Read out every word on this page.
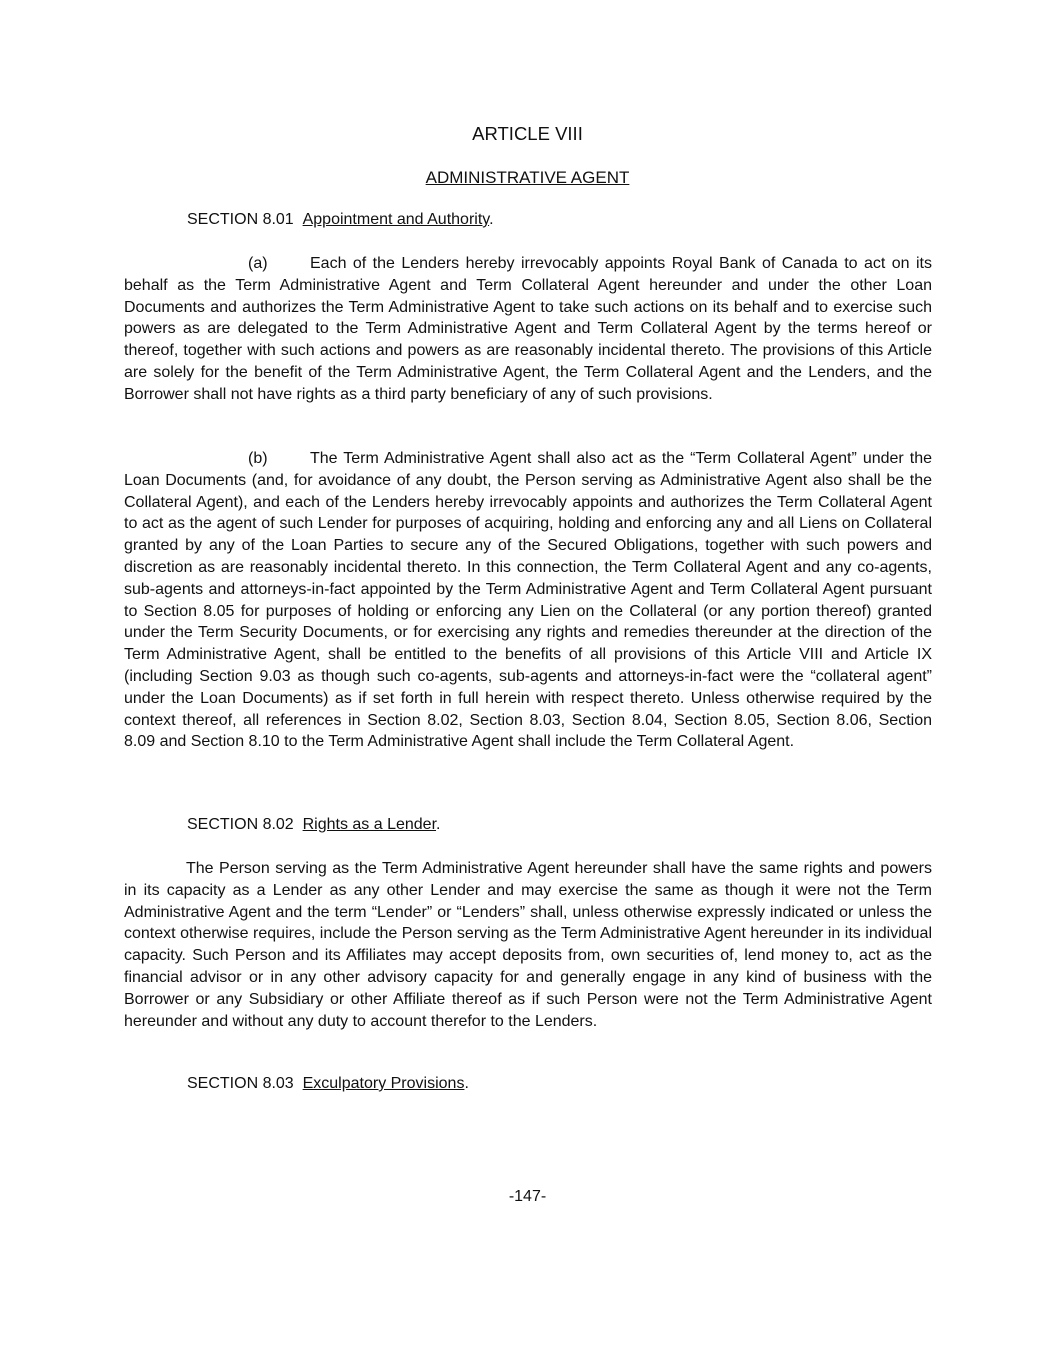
ARTICLE VIII
ADMINISTRATIVE AGENT

SECTION 8.01 Appointment and Authority.

(a)	Each of the Lenders hereby irrevocably appoints Royal Bank of Canada to act on its behalf as the Term Administrative Agent and Term Collateral Agent hereunder and under the other Loan Documents and authorizes the Term Administrative Agent to take such actions on its behalf and to exercise such powers as are delegated to the Term Administrative Agent and Term Collateral Agent by the terms hereof or thereof, together with such actions and powers as are reasonably incidental thereto. The provisions of this Article are solely for the benefit of the Term Administrative Agent, the Term Collateral Agent and the Lenders, and the Borrower shall not have rights as a third party beneficiary of any of such provisions.

(b)	The Term Administrative Agent shall also act as the “Term Collateral Agent” under the Loan Documents (and, for avoidance of any doubt, the Person serving as Administrative Agent also shall be the Collateral Agent), and each of the Lenders hereby irrevocably appoints and authorizes the Term Collateral Agent to act as the agent of such Lender for purposes of acquiring, holding and enforcing any and all Liens on Collateral granted by any of the Loan Parties to secure any of the Secured Obligations, together with such powers and discretion as are reasonably incidental thereto. In this connection, the Term Collateral Agent and any co-agents, sub-agents and attorneys-in-fact appointed by the Term Administrative Agent and Term Collateral Agent pursuant to Section 8.05 for purposes of holding or enforcing any Lien on the Collateral (or any portion thereof) granted under the Term Security Documents, or for exercising any rights and remedies thereunder at the direction of the Term Administrative Agent, shall be entitled to the benefits of all provisions of this Article VIII and Article IX (including Section 9.03 as though such co-agents, sub-agents and attorneys-in-fact were the “collateral agent” under the Loan Documents) as if set forth in full herein with respect thereto. Unless otherwise required by the context thereof, all references in Section 8.02, Section 8.03, Section 8.04, Section 8.05, Section 8.06, Section 8.09 and Section 8.10 to the Term Administrative Agent shall include the Term Collateral Agent.

SECTION 8.02 Rights as a Lender.

The Person serving as the Term Administrative Agent hereunder shall have the same rights and powers in its capacity as a Lender as any other Lender and may exercise the same as though it were not the Term Administrative Agent and the term “Lender” or “Lenders” shall, unless otherwise expressly indicated or unless the context otherwise requires, include the Person serving as the Term Administrative Agent hereunder in its individual capacity. Such Person and its Affiliates may accept deposits from, own securities of, lend money to, act as the financial advisor or in any other advisory capacity for and generally engage in any kind of business with the Borrower or any Subsidiary or other Affiliate thereof as if such Person were not the Term Administrative Agent hereunder and without any duty to account therefor to the Lenders.

SECTION 8.03 Exculpatory Provisions.

-147-
